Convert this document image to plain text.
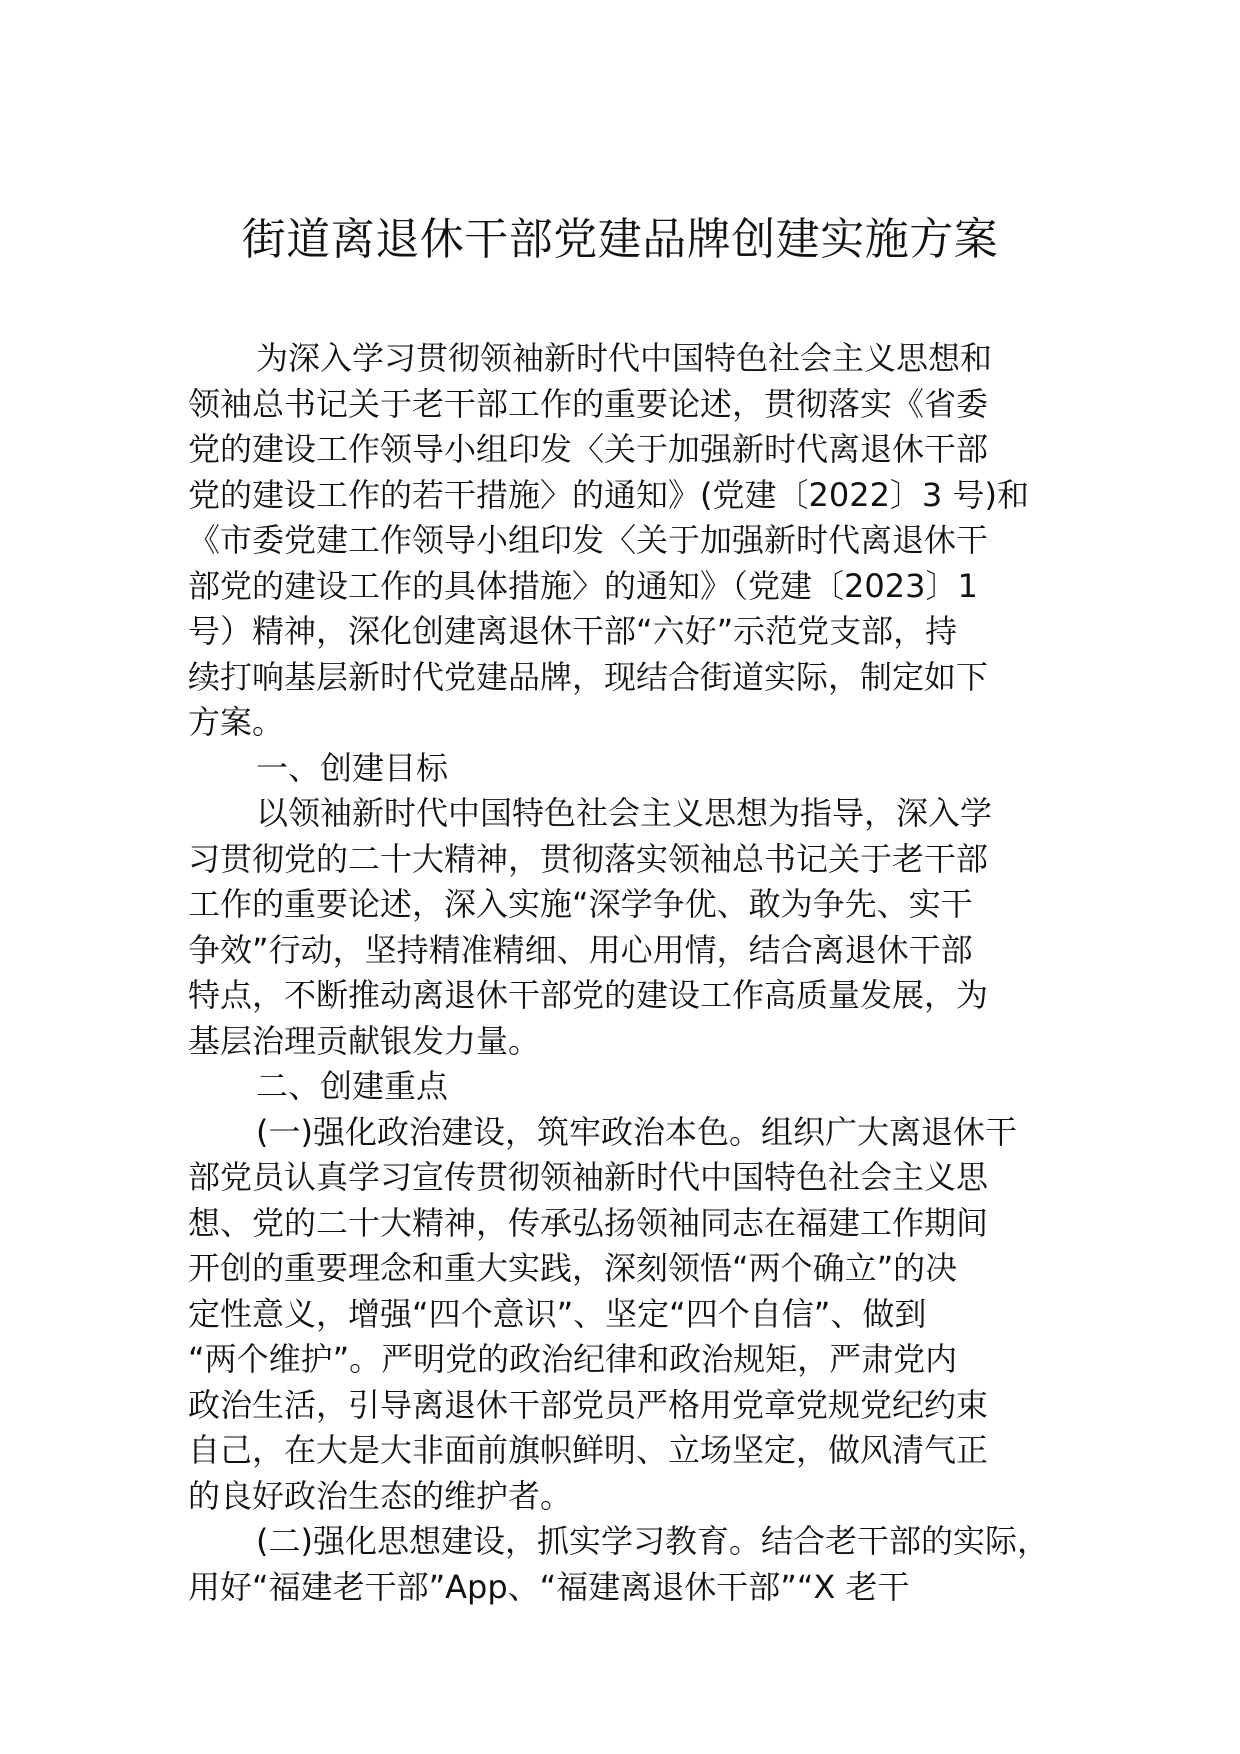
街道离退休干部党建品牌创建实施方案
为深入学习贯彻领袖新时代中国特色社会主义思想和
领袖总书记关于老干部工作的重要论述，贯彻落实《省委
党的建设工作领导小组印发〈关于加强新时代离退休干部
党的建设工作的若干措施〉的通知》(党建〔2022〕3 号)和
《市委党建工作领导小组印发〈关于加强新时代离退休干
部党的建设工作的具体措施〉的通知》（党建〔2023〕1
号）精神，深化创建离退休干部“六好”示范党支部，持
续打响基层新时代党建品牌，现结合街道实际，制定如下
方案。
一、创建目标
以领袖新时代中国特色社会主义思想为指导，深入学
习贯彻党的二十大精神，贯彻落实领袖总书记关于老干部
工作的重要论述，深入实施“深学争优、敢为争先、实干
争效”行动，坚持精准精细、用心用情，结合离退休干部
特点，不断推动离退休干部党的建设工作高质量发展，为
基层治理贡献银发力量。
二、创建重点
(一)强化政治建设，筑牢政治本色。组织广大离退休干
部党员认真学习宣传贯彻领袖新时代中国特色社会主义思
想、党的二十大精神，传承弘扬领袖同志在福建工作期间
开创的重要理念和重大实践，深刻领悟“两个确立”的决
定性意义，增强“四个意识”、坚定“四个自信”、做到
“两个维护”。严明党的政治纪律和政治规矩，严肃党内
政治生活，引导离退休干部党员严格用党章党规党纪约束
自己，在大是大非面前旗帜鲜明、立场坚定，做风清气正
的良好政治生态的维护者。
(二)强化思想建设，抓实学习教育。结合老干部的实际，
用好“福建老干部”App、“福建离退休干部”“X 老干
